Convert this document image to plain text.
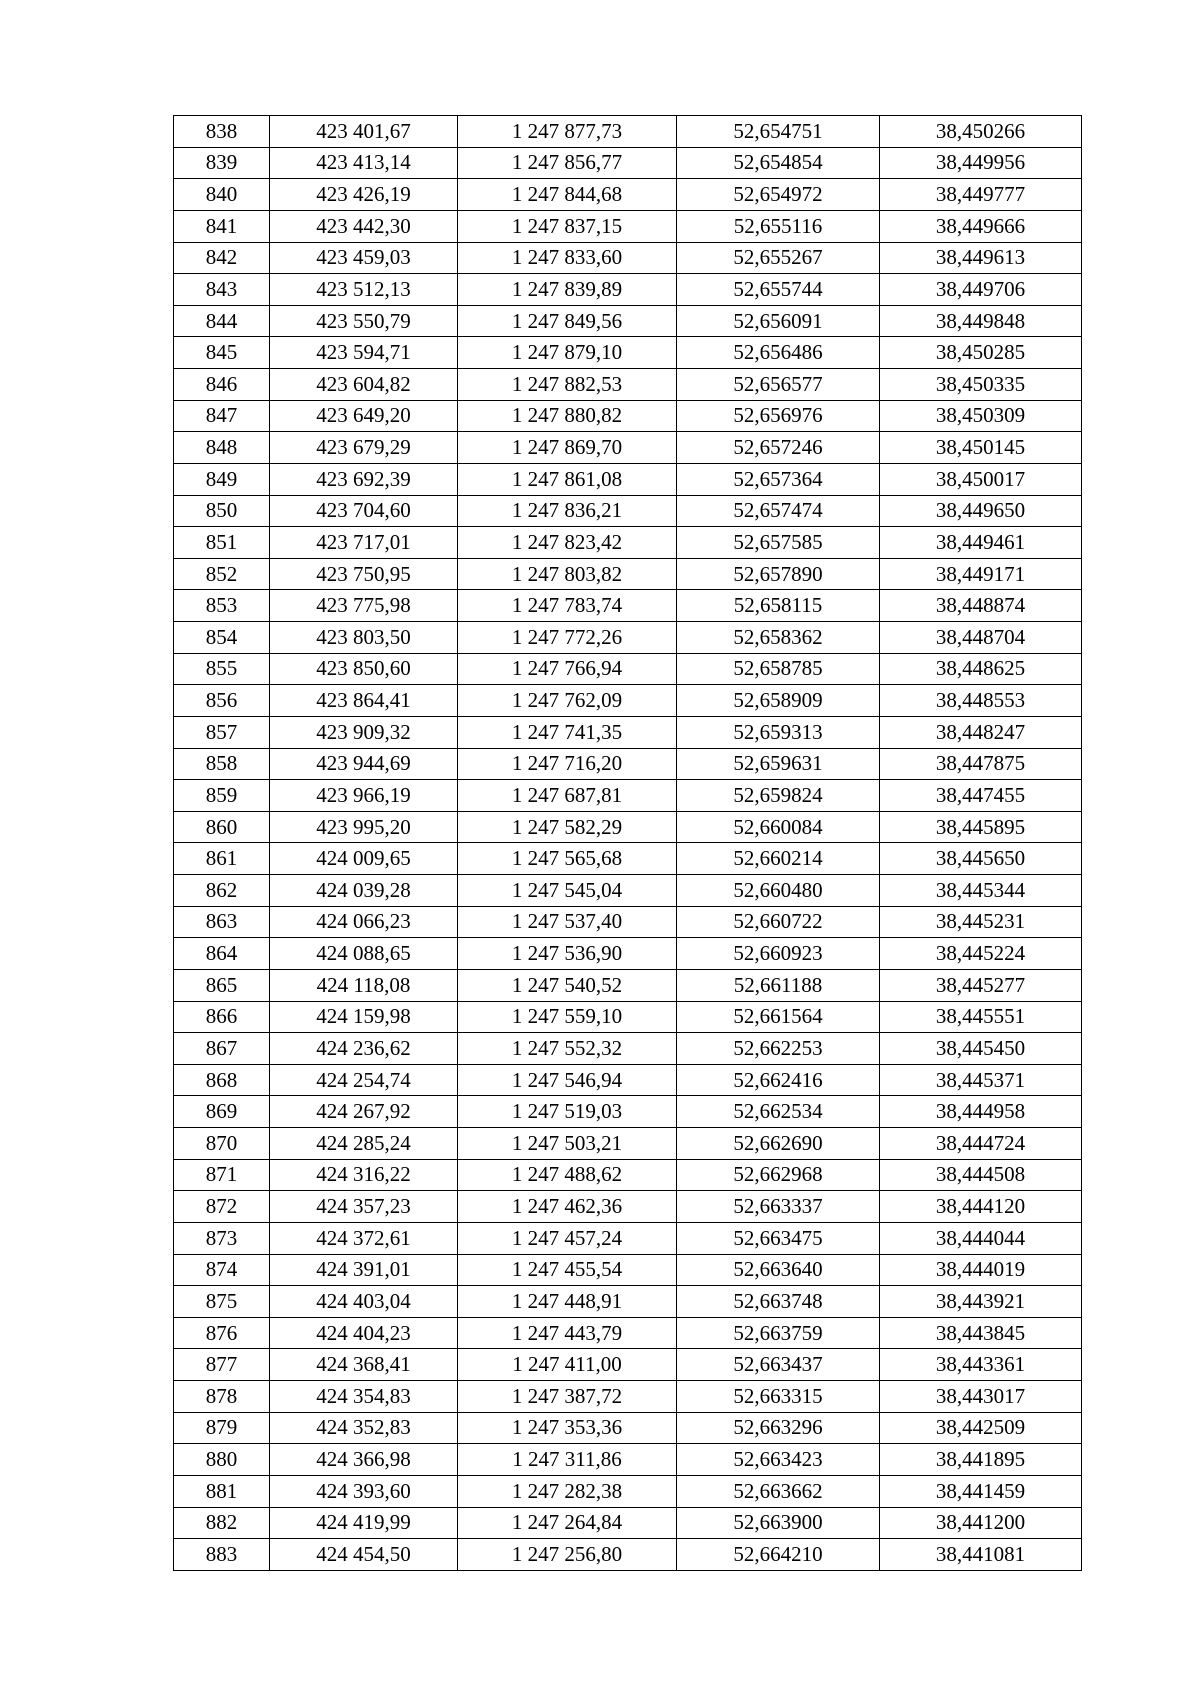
838	423 401,67	1 247 877,73	52,654751	38,450266
839	423 413,14	1 247 856,77	52,654854	38,449956
840	423 426,19	1 247 844,68	52,654972	38,449777
841	423 442,30	1 247 837,15	52,655116	38,449666
842	423 459,03	1 247 833,60	52,655267	38,449613
843	423 512,13	1 247 839,89	52,655744	38,449706
844	423 550,79	1 247 849,56	52,656091	38,449848
845	423 594,71	1 247 879,10	52,656486	38,450285
846	423 604,82	1 247 882,53	52,656577	38,450335
847	423 649,20	1 247 880,82	52,656976	38,450309
848	423 679,29	1 247 869,70	52,657246	38,450145
849	423 692,39	1 247 861,08	52,657364	38,450017
850	423 704,60	1 247 836,21	52,657474	38,449650
851	423 717,01	1 247 823,42	52,657585	38,449461
852	423 750,95	1 247 803,82	52,657890	38,449171
853	423 775,98	1 247 783,74	52,658115	38,448874
854	423 803,50	1 247 772,26	52,658362	38,448704
855	423 850,60	1 247 766,94	52,658785	38,448625
856	423 864,41	1 247 762,09	52,658909	38,448553
857	423 909,32	1 247 741,35	52,659313	38,448247
858	423 944,69	1 247 716,20	52,659631	38,447875
859	423 966,19	1 247 687,81	52,659824	38,447455
860	423 995,20	1 247 582,29	52,660084	38,445895
861	424 009,65	1 247 565,68	52,660214	38,445650
862	424 039,28	1 247 545,04	52,660480	38,445344
863	424 066,23	1 247 537,40	52,660722	38,445231
864	424 088,65	1 247 536,90	52,660923	38,445224
865	424 118,08	1 247 540,52	52,661188	38,445277
866	424 159,98	1 247 559,10	52,661564	38,445551
867	424 236,62	1 247 552,32	52,662253	38,445450
868	424 254,74	1 247 546,94	52,662416	38,445371
869	424 267,92	1 247 519,03	52,662534	38,444958
870	424 285,24	1 247 503,21	52,662690	38,444724
871	424 316,22	1 247 488,62	52,662968	38,444508
872	424 357,23	1 247 462,36	52,663337	38,444120
873	424 372,61	1 247 457,24	52,663475	38,444044
874	424 391,01	1 247 455,54	52,663640	38,444019
875	424 403,04	1 247 448,91	52,663748	38,443921
876	424 404,23	1 247 443,79	52,663759	38,443845
877	424 368,41	1 247 411,00	52,663437	38,443361
878	424 354,83	1 247 387,72	52,663315	38,443017
879	424 352,83	1 247 353,36	52,663296	38,442509
880	424 366,98	1 247 311,86	52,663423	38,441895
881	424 393,60	1 247 282,38	52,663662	38,441459
882	424 419,99	1 247 264,84	52,663900	38,441200
883	424 454,50	1 247 256,80	52,664210	38,441081
